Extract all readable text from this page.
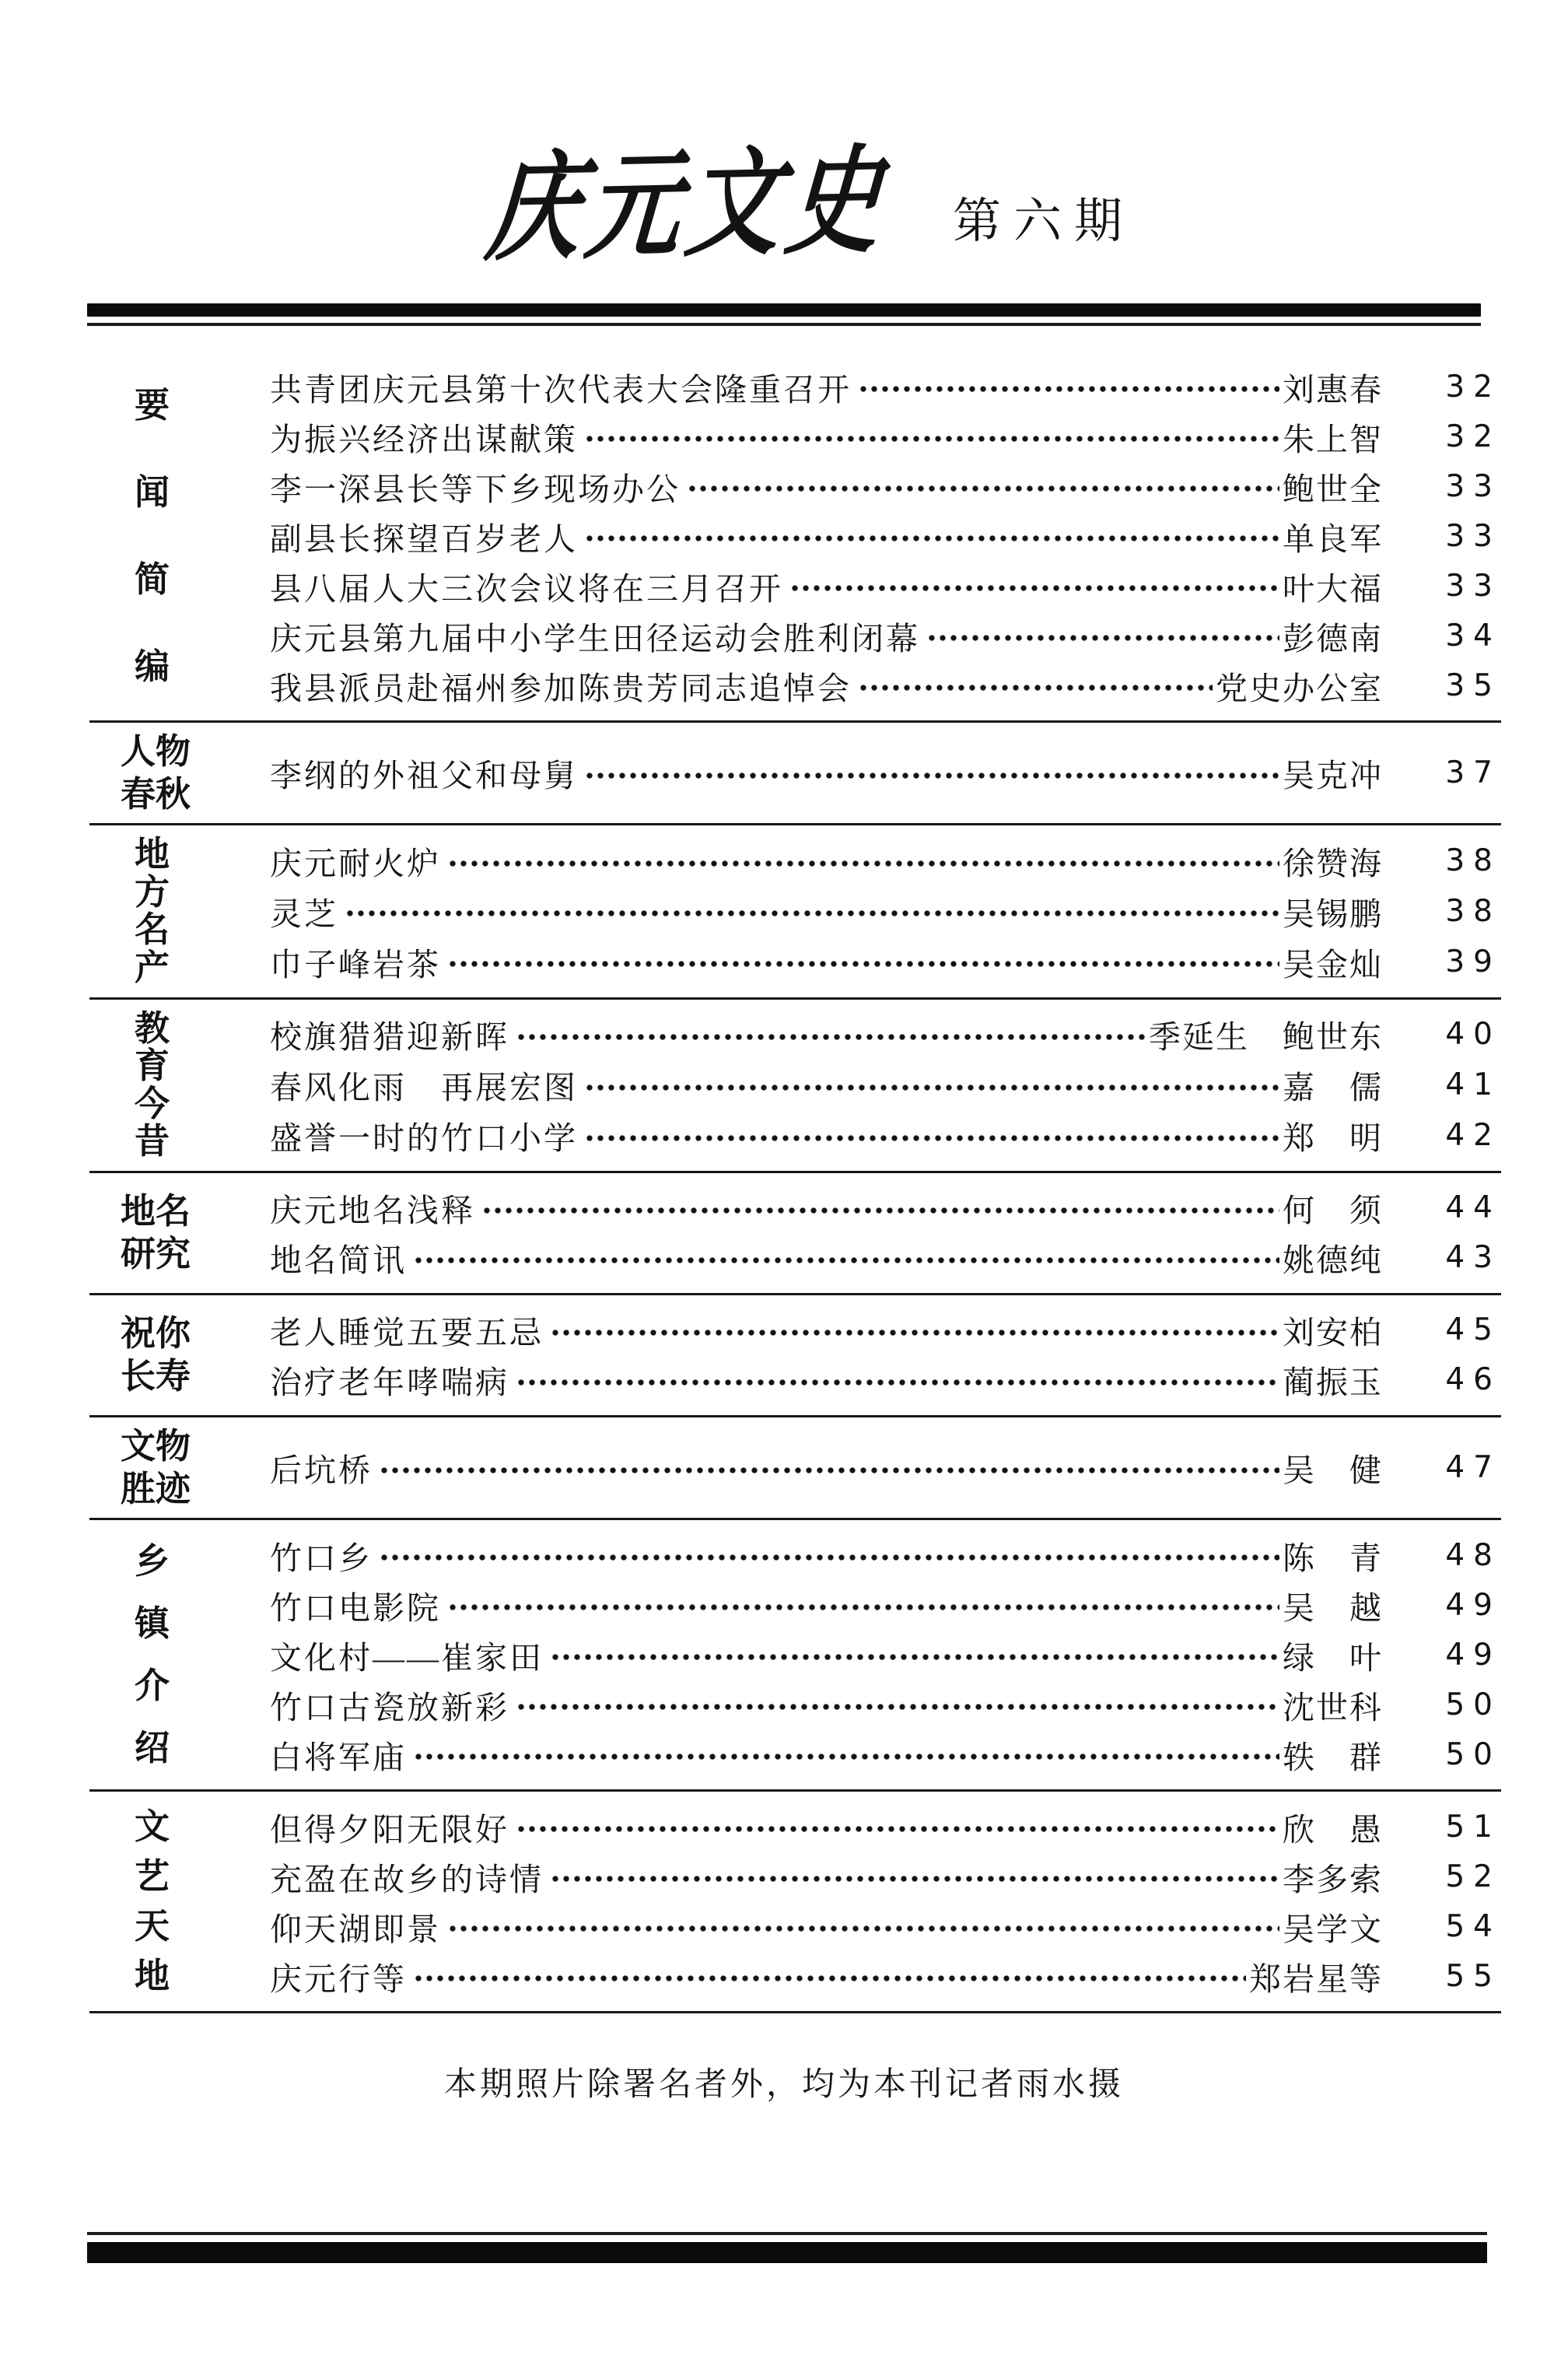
庆元文史 第六期
要
闻
简
编
共青团庆元县第十次代表大会隆重召开	刘惠春	32
为振兴经济出谋献策	朱上智	32
李一深县长等下乡现场办公	鲍世全	33
副县长探望百岁老人	单良军	33
县八届人大三次会议将在三月召开	叶大福	33
庆元县第九届中小学生田径运动会胜利闭幕	彭德南	34
我县派员赴福州参加陈贵芳同志追悼会	党史办公室	35
人物
春秋 李纲的外祖父和母舅	吴克冲	37
地
方
名
产
庆元耐火炉	徐赞海	38
灵芝	吴锡鹏	38
巾子峰岩茶	吴金灿	39
教
育
今
昔
校旗猎猎迎新晖	季延生　鲍世东	40
春风化雨　再展宏图	嘉　儒	41
盛誉一时的竹口小学	郑　明	42
地名
研究
庆元地名浅释	何　须	44
地名简讯	姚德纯	43
祝你
长寿
老人睡觉五要五忌	刘安柏	45
治疗老年哮喘病	蔺振玉	46
文物
胜迹 后坑桥	吴　健	47
乡
镇
介
绍
竹口乡	陈　青	48
竹口电影院	吴　越	49
文化村——崔家田	绿　叶	49
竹口古瓷放新彩	沈世科	50
白将军庙	轶　群	50
文
艺
天
地
但得夕阳无限好	欣　愚	51
充盈在故乡的诗情	李多索	52
仰天湖即景	吴学文	54
庆元行等	郑岩星等	55
本期照片除署名者外，均为本刊记者雨水摄
